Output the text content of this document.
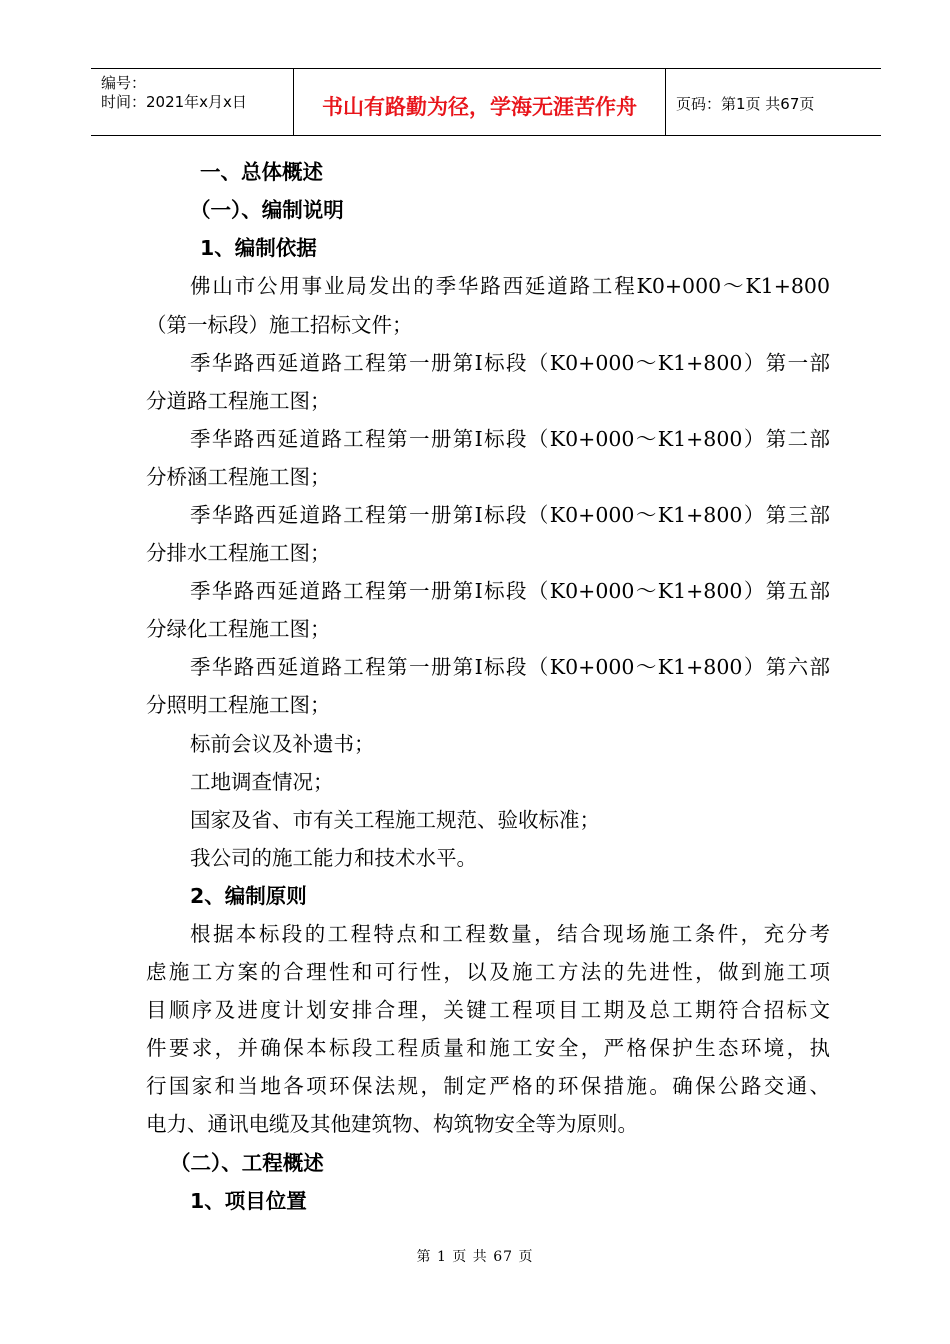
编号：
时间：2021年x月x日	书山有路勤为径，学海无涯苦作舟	页码：第1页 共67页
一、总体概述
（一）、编制说明
1、编制依据
佛山市公用事业局发出的季华路西延道路工程K0+000～K1+800
（第一标段）施工招标文件；
季华路西延道路工程第一册第Ⅰ标段（K0+000～K1+800）第一部
分道路工程施工图；
季华路西延道路工程第一册第Ⅰ标段（K0+000～K1+800）第二部
分桥涵工程施工图；
季华路西延道路工程第一册第Ⅰ标段（K0+000～K1+800）第三部
分排水工程施工图；
季华路西延道路工程第一册第Ⅰ标段（K0+000～K1+800）第五部
分绿化工程施工图；
季华路西延道路工程第一册第Ⅰ标段（K0+000～K1+800）第六部
分照明工程施工图；
标前会议及补遗书；
工地调查情况；
国家及省、市有关工程施工规范、验收标准；
我公司的施工能力和技术水平。
2、编制原则
根据本标段的工程特点和工程数量，结合现场施工条件，充分考
虑施工方案的合理性和可行性，以及施工方法的先进性，做到施工项
目顺序及进度计划安排合理，关键工程项目工期及总工期符合招标文
件要求，并确保本标段工程质量和施工安全，严格保护生态环境，执
行国家和当地各项环保法规，制定严格的环保措施。确保公路交通、
电力、通讯电缆及其他建筑物、构筑物安全等为原则。
（二）、工程概述
1、项目位置
第 1 页 共 67 页
